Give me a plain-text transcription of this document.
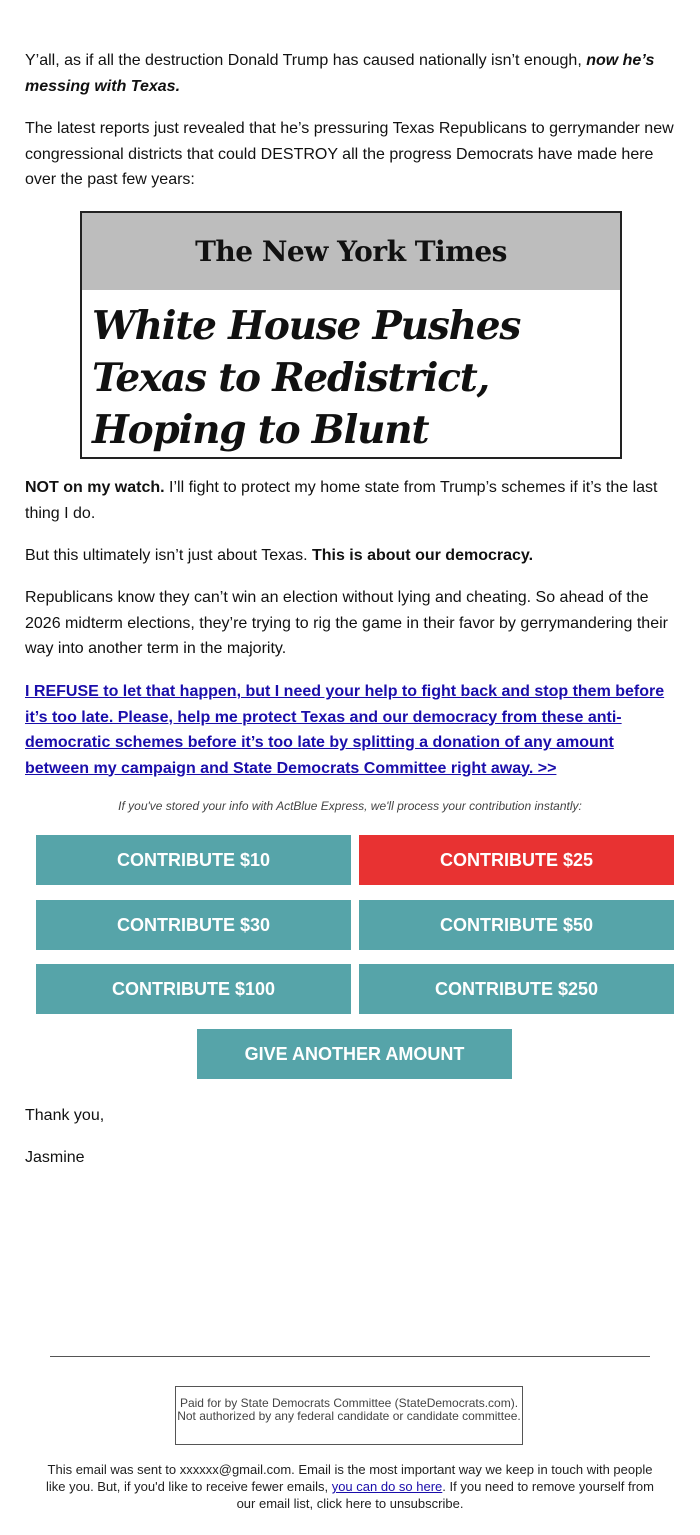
Y’all, as if all the destruction Donald Trump has caused nationally isn’t enough, now he’s messing with Texas.

The latest reports just revealed that he’s pressuring Texas Republicans to gerrymander new congressional districts that could DESTROY all the progress Democrats have made here over the past few years:

NOT on my watch. I’ll fight to protect my home state from Trump’s schemes if it’s the last thing I do.

But this ultimately isn’t just about Texas. This is about our democracy.

Republicans know they can’t win an election without lying and cheating. So ahead of the 2026 midterm elections, they’re trying to rig the game in their favor by gerrymandering their way into another term in the majority.

I REFUSE to let that happen, but I need your help to fight back and stop them before it’s too late. Please, help me protect Texas and our democracy from these anti-democratic schemes before it’s too late by splitting a donation of any amount between my campaign and State Democrats Committee right away. >>

Thank you,

Jasmine

The New York Times
White House Pushes Texas to Redistrict, Hoping to Blunt
If you've stored your info with ActBlue Express, we'll process your contribution instantly:
CONTRIBUTE $10	CONTRIBUTE $25
CONTRIBUTE $30	CONTRIBUTE $50
CONTRIBUTE $100	CONTRIBUTE $250
GIVE ANOTHER AMOUNT
Paid for by State Democrats Committee (StateDemocrats.com). Not authorized by any federal candidate or candidate committee.
This email was sent to xxxxxx@gmail.com. Email is the most important way we keep in touch with people like you. But, if you'd like to receive fewer emails, you can do so here. If you need to remove yourself from our email list, click here to unsubscribe.
